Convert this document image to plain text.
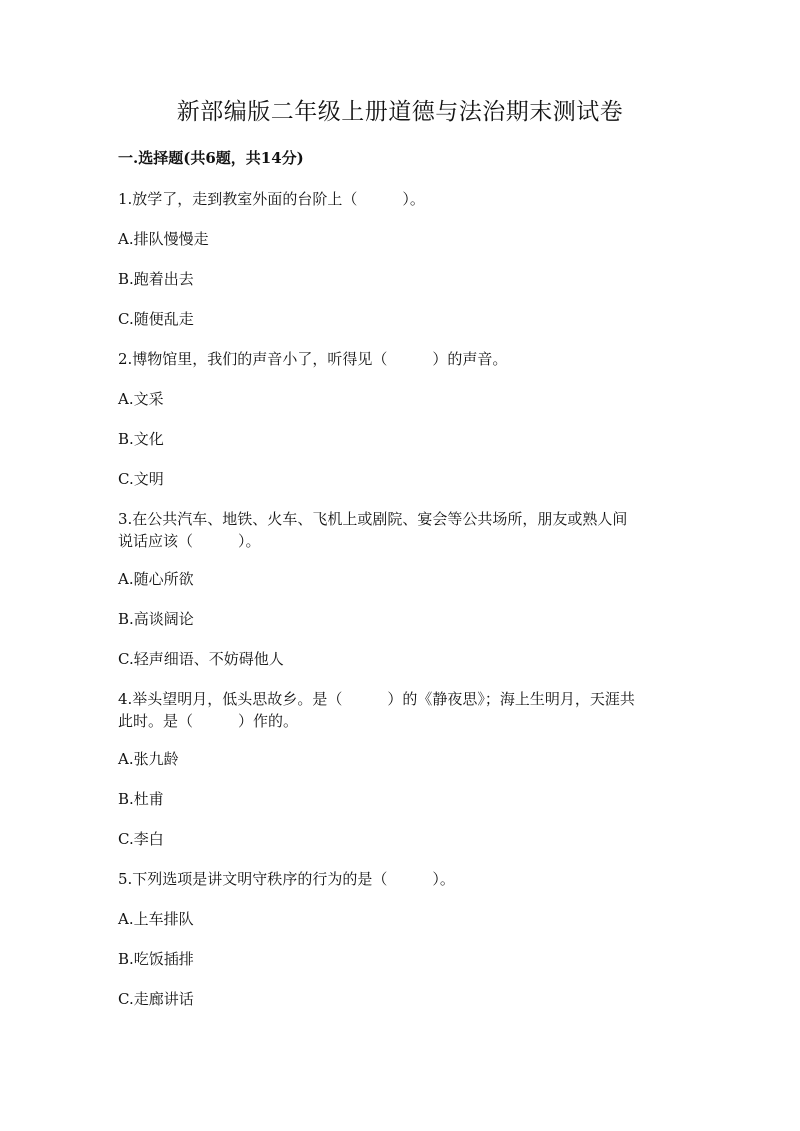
新部编版二年级上册道德与法治期末测试卷
一.选择题(共6题，共14分)
1.放学了，走到教室外面的台阶上（　　　）。
A.排队慢慢走
B.跑着出去
C.随便乱走
2.博物馆里，我们的声音小了，听得见（　　　）的声音。
A.文采
B.文化
C.文明
3.在公共汽车、地铁、火车、飞机上或剧院、宴会等公共场所，朋友或熟人间
说话应该（　　　）。
A.随心所欲
B.高谈阔论
C.轻声细语、不妨碍他人
4.举头望明月，低头思故乡。是（　　　）的《静夜思》；海上生明月，天涯共
此时。是（　　　）作的。
A.张九龄
B.杜甫
C.李白
5.下列选项是讲文明守秩序的行为的是（　　　）。
A.上车排队
B.吃饭插排
C.走廊讲话
